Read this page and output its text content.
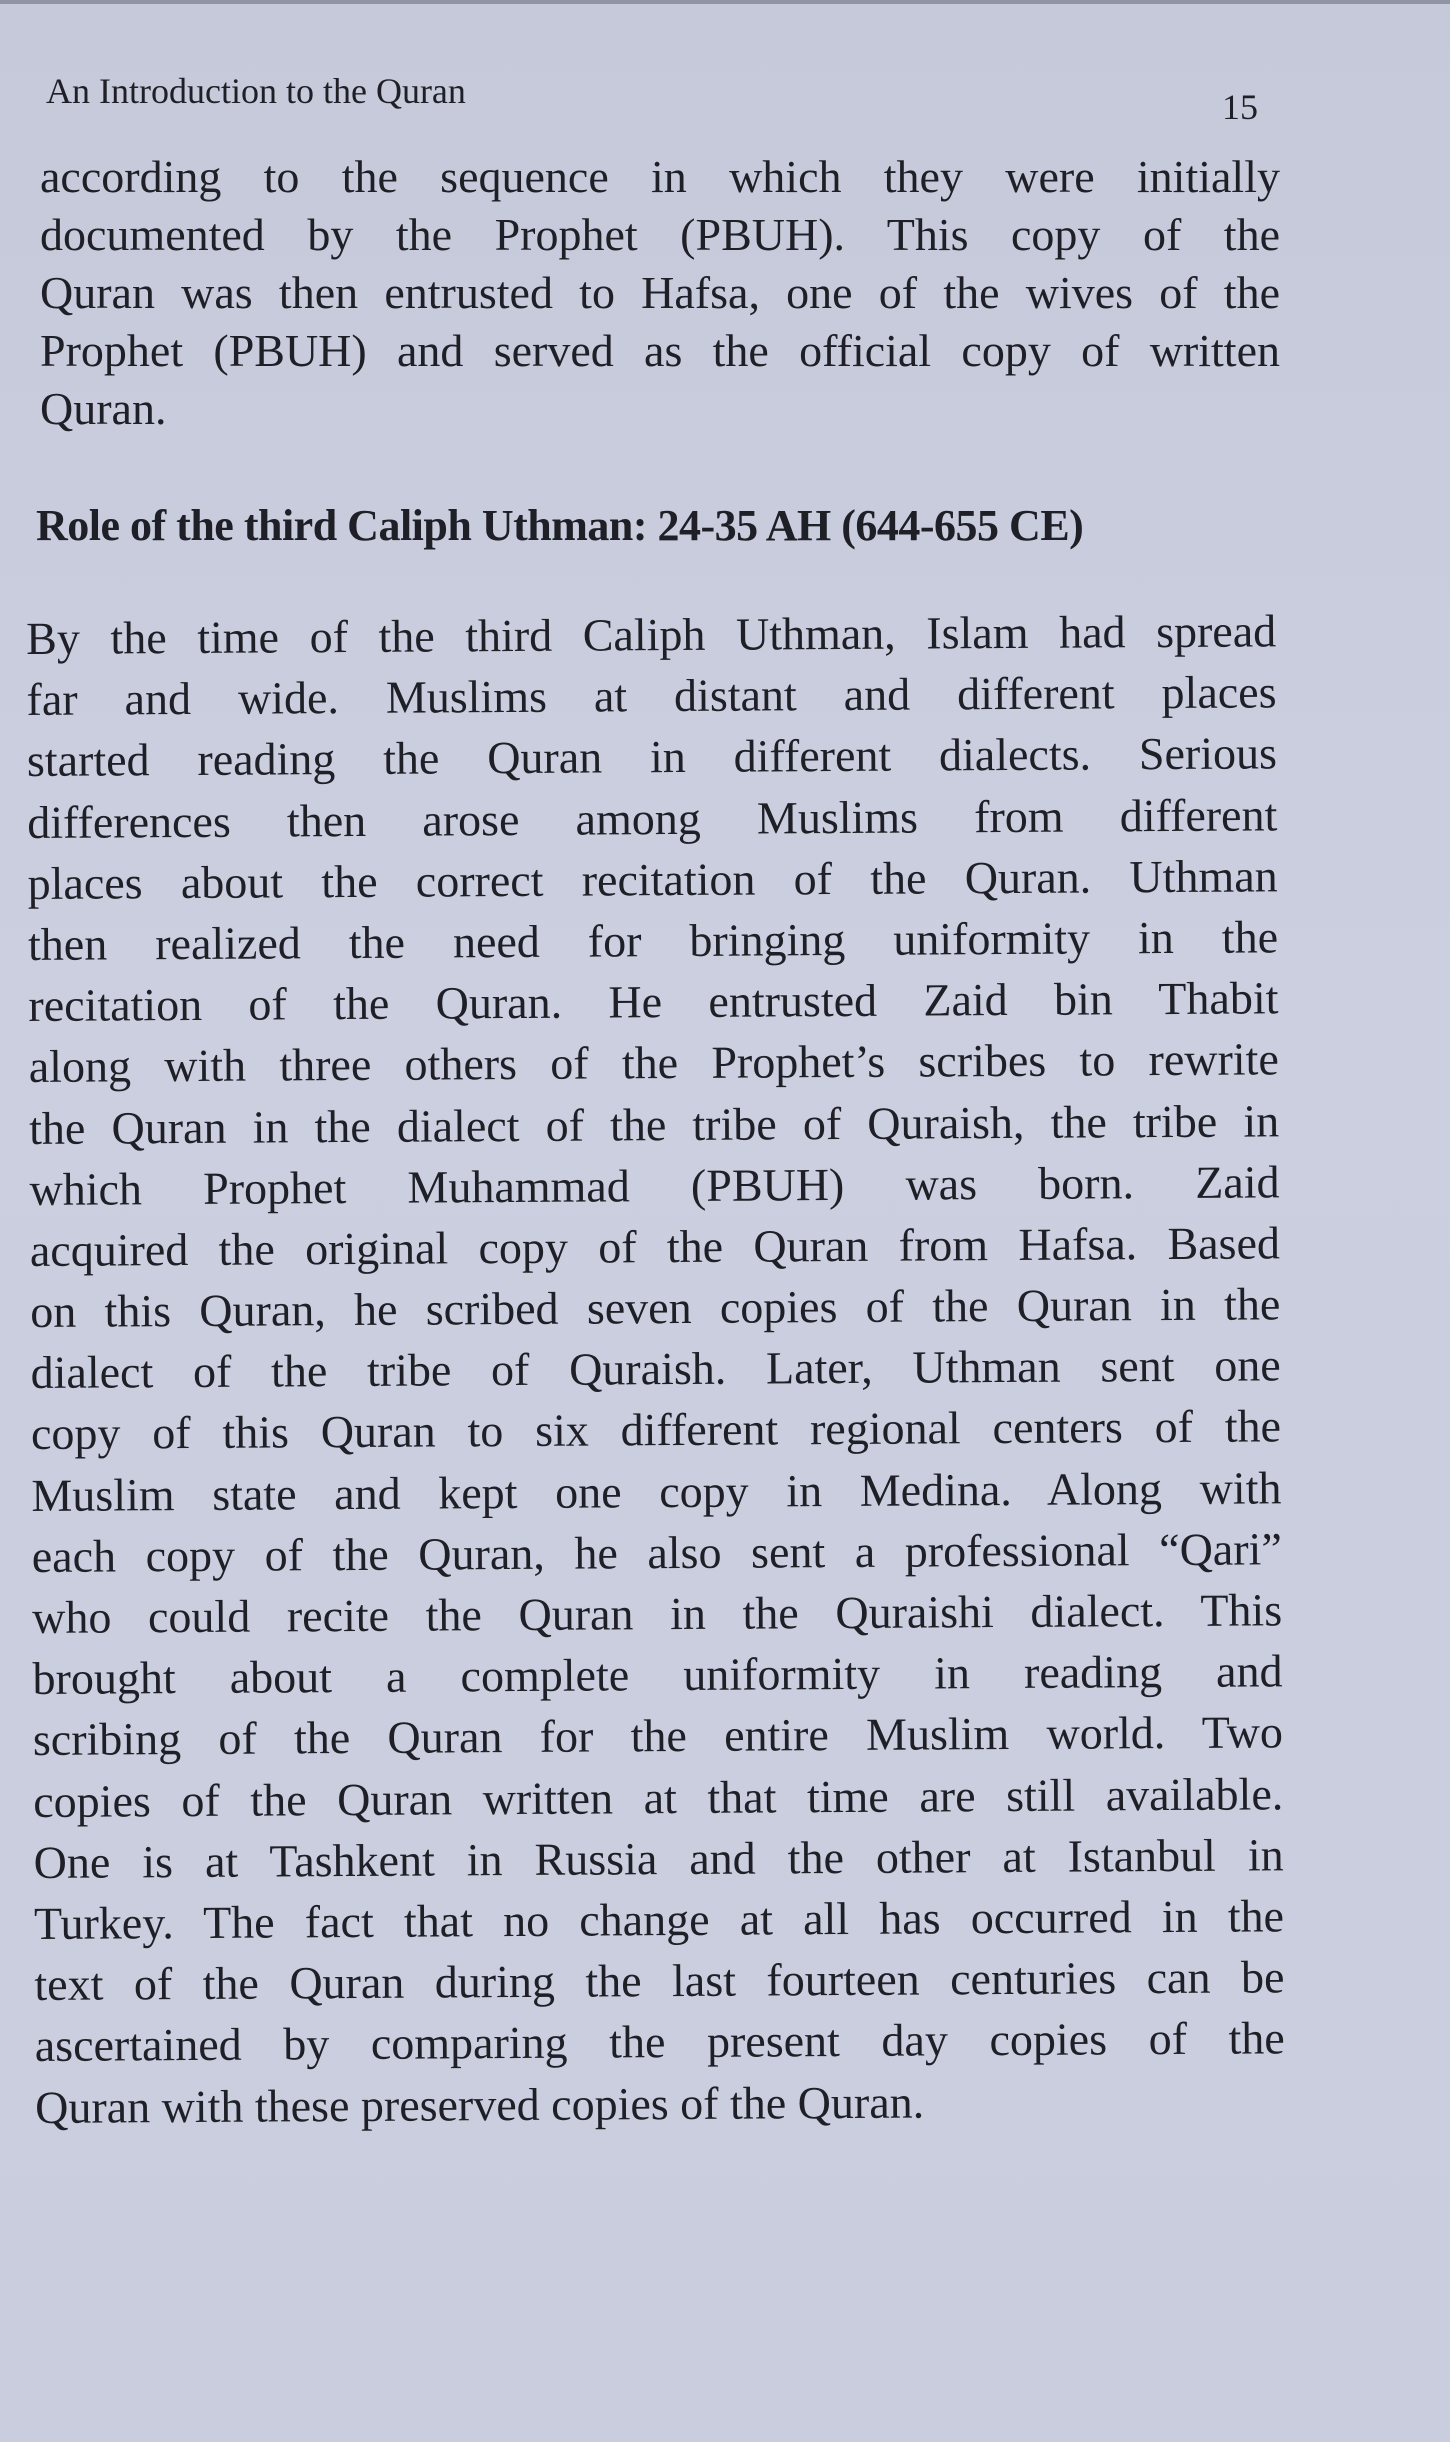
An Introduction to the Quran	15
according to the sequence in which they were initially
documented by the Prophet (PBUH). This copy of the
Quran was then entrusted to Hafsa, one of the wives of the
Prophet (PBUH) and served as the official copy of written
Quran.
Role of the third Caliph Uthman: 24-35 AH (644-655 CE)
By the time of the third Caliph Uthman, Islam had spread
far and wide. Muslims at distant and different places
started reading the Quran in different dialects. Serious
differences then arose among Muslims from different
places about the correct recitation of the Quran. Uthman
then realized the need for bringing uniformity in the
recitation of the Quran. He entrusted Zaid bin Thabit
along with three others of the Prophet’s scribes to rewrite
the Quran in the dialect of the tribe of Quraish, the tribe in
which Prophet Muhammad (PBUH) was born. Zaid
acquired the original copy of the Quran from Hafsa. Based
on this Quran, he scribed seven copies of the Quran in the
dialect of the tribe of Quraish. Later, Uthman sent one
copy of this Quran to six different regional centers of the
Muslim state and kept one copy in Medina. Along with
each copy of the Quran, he also sent a professional “Qari”
who could recite the Quran in the Quraishi dialect. This
brought about a complete uniformity in reading and
scribing of the Quran for the entire Muslim world. Two
copies of the Quran written at that time are still available.
One is at Tashkent in Russia and the other at Istanbul in
Turkey. The fact that no change at all has occurred in the
text of the Quran during the last fourteen centuries can be
ascertained by comparing the present day copies of the
Quran with these preserved copies of the Quran.
